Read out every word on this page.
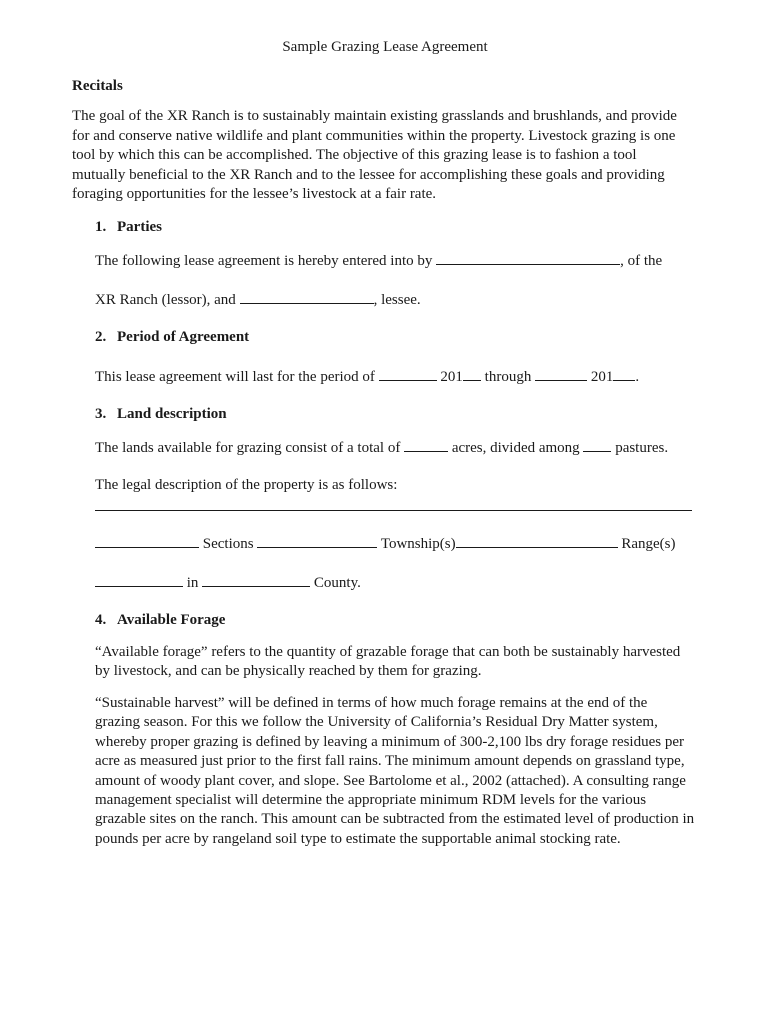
Sample Grazing Lease Agreement
Recitals

The goal of the XR Ranch is to sustainably maintain existing grasslands and brushlands, and provide for and conserve native wildlife and plant communities within the property. Livestock grazing is one tool by which this can be accomplished. The objective of this grazing lease is to fashion a tool mutually beneficial to the XR Ranch and to the lessee for accomplishing these goals and providing foraging opportunities for the lessee’s livestock at a fair rate.

1. Parties

The following lease agreement is hereby entered into by	, of the

XR Ranch (lessor), and	, lessee.

2. Period of Agreement

This lease agreement will last for the period of	201 through	201 .

3. Land description

The lands available for grazing consist of a total of	acres, divided among pastures.

The legal description of the property is as follows:

Sections	Township(s)	Range(s)

in	County.

4. Available Forage

“Available forage” refers to the quantity of grazable forage that can both be sustainably harvested by livestock, and can be physically reached by them for grazing.

“Sustainable harvest” will be defined in terms of how much forage remains at the end of the grazing season. For this we follow the University of California’s Residual Dry Matter system, whereby proper grazing is defined by leaving a minimum of 300-2,100 lbs dry forage residues per acre as measured just prior to the first fall rains. The minimum amount depends on grassland type, amount of woody plant cover, and slope. See Bartolome et al., 2002 (attached). A consulting range management specialist will determine the appropriate minimum RDM levels for the various grazable sites on the ranch. This amount can be subtracted from the estimated level of production in pounds per acre by rangeland soil type to estimate the supportable animal stocking rate.
